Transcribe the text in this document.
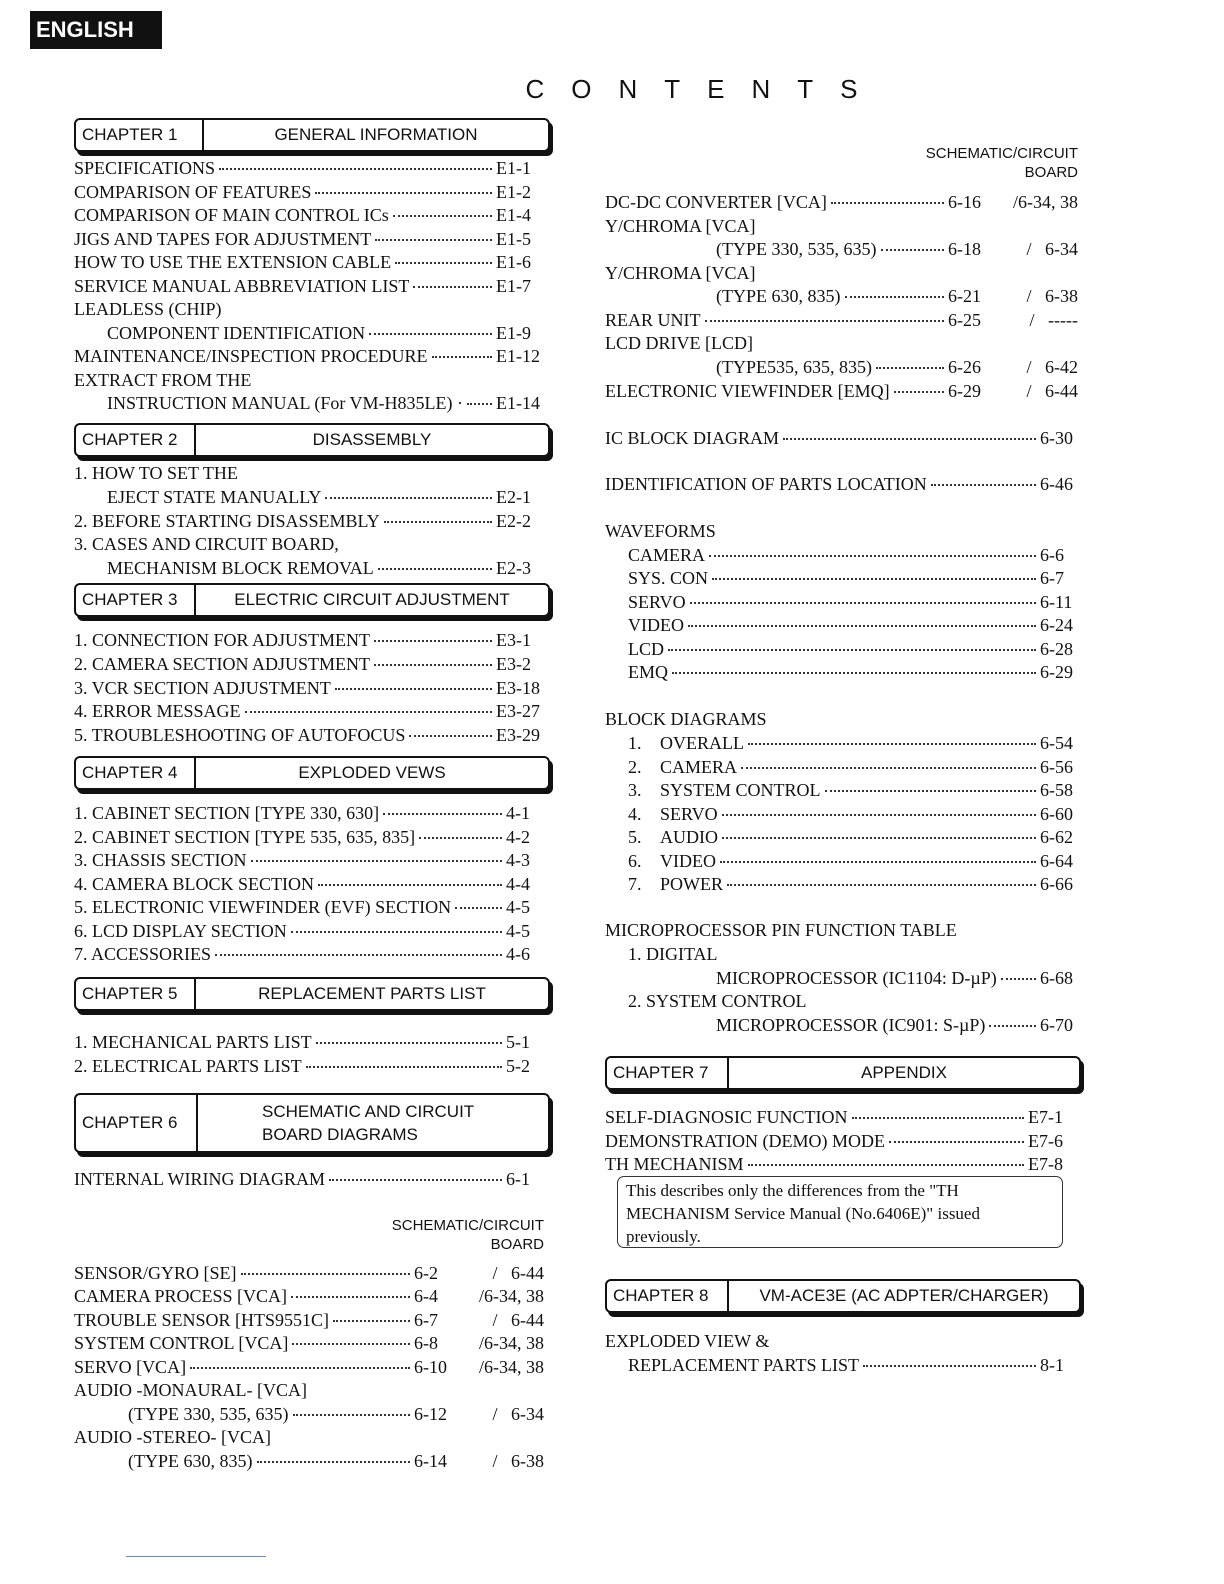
ENGLISH
CONTENTS
CHAPTER 1	GENERAL INFORMATION
CHAPTER 2	DISASSEMBLY
CHAPTER 3	ELECTRIC CIRCUIT ADJUSTMENT
CHAPTER 4	EXPLODED VEWS
CHAPTER 5	REPLACEMENT PARTS LIST
CHAPTER 6
SCHEMATIC AND CIRCUIT
BOARD DIAGRAMS
CHAPTER 7	APPENDIX
CHAPTER 8	VM-ACE3E (AC ADPTER/CHARGER)
SCHEMATIC/CIRCUIT
BOARD
SCHEMATIC/CIRCUIT
BOARD
This describes only the differences from the "TH MECHANISM Service Manual (No.6406E)" issued previously.
SPECIFICATIONS	E1-1
COMPARISON OF FEATURES	E1-2
COMPARISON OF MAIN CONTROL ICs	E1-4
JIGS AND TAPES FOR ADJUSTMENT	E1-5
HOW TO USE THE EXTENSION CABLE	E1-6
SERVICE MANUAL ABBREVIATION LIST	E1-7
LEADLESS (CHIP)
COMPONENT IDENTIFICATION	E1-9
MAINTENANCE/INSPECTION PROCEDURE	E1-12
EXTRACT FROM THE
INSTRUCTION MANUAL (For VM-H835LE) · E1-14
1. HOW TO SET THE
EJECT STATE MANUALLY	E2-1
2. BEFORE STARTING DISASSEMBLY	E2-2
3. CASES AND CIRCUIT BOARD,
MECHANISM BLOCK REMOVAL	E2-3
1. CONNECTION FOR ADJUSTMENT	E3-1
2. CAMERA SECTION ADJUSTMENT	E3-2
3. VCR SECTION ADJUSTMENT	E3-18
4. ERROR MESSAGE	E3-27
5. TROUBLESHOOTING OF AUTOFOCUS	E3-29
1. CABINET SECTION [TYPE 330, 630]	4-1
2. CABINET SECTION [TYPE 535, 635, 835]	4-2
3. CHASSIS SECTION	4-3
4. CAMERA BLOCK SECTION	4-4
5. ELECTRONIC VIEWFINDER (EVF) SECTION	4-5
6. LCD DISPLAY SECTION	4-5
7. ACCESSORIES	4-6
1. MECHANICAL PARTS LIST	5-1
2. ELECTRICAL PARTS LIST	5-2
INTERNAL WIRING DIAGRAM	6-1
SENSOR/GYRO [SE]	6-2	/   6-44
CAMERA PROCESS [VCA]	6-4	/6-34, 38
TROUBLE SENSOR [HTS9551C]	6-7	/   6-44
SYSTEM CONTROL [VCA]	6-8	/6-34, 38
SERVO [VCA]	6-10	/6-34, 38
AUDIO -MONAURAL- [VCA]
(TYPE 330, 535, 635)	6-12	/   6-34
AUDIO -STEREO- [VCA]
(TYPE 630, 835)	6-14	/   6-38
DC-DC CONVERTER [VCA]	6-16	/6-34, 38
Y/CHROMA [VCA]
(TYPE 330, 535, 635)	6-18	/   6-34
Y/CHROMA [VCA]
(TYPE 630, 835)	6-21	/   6-38
REAR UNIT	6-25	/   -----
LCD DRIVE [LCD]
(TYPE535, 635, 835)	6-26	/   6-42
ELECTRONIC VIEWFINDER [EMQ]	6-29	/   6-44
IC BLOCK DIAGRAM	6-30
IDENTIFICATION OF PARTS LOCATION	6-46
WAVEFORMS
CAMERA	6-6
SYS. CON	6-7
SERVO	6-11
VIDEO	6-24
LCD	6-28
EMQ	6-29
BLOCK DIAGRAMS
1.	OVERALL	6-54
2.	CAMERA	6-56
3.	SYSTEM CONTROL	6-58
4.	SERVO	6-60
5.	AUDIO	6-62
6.	VIDEO	6-64
7.	POWER	6-66
MICROPROCESSOR PIN FUNCTION TABLE
1. DIGITAL
MICROPROCESSOR (IC1104: D-µP) 6-68
2. SYSTEM CONTROL
MICROPROCESSOR (IC901: S-µP)	6-70
SELF-DIAGNOSIC FUNCTION	E7-1
DEMONSTRATION (DEMO) MODE	E7-6
TH MECHANISM	E7-8
EXPLODED VIEW &
REPLACEMENT PARTS LIST	8-1
